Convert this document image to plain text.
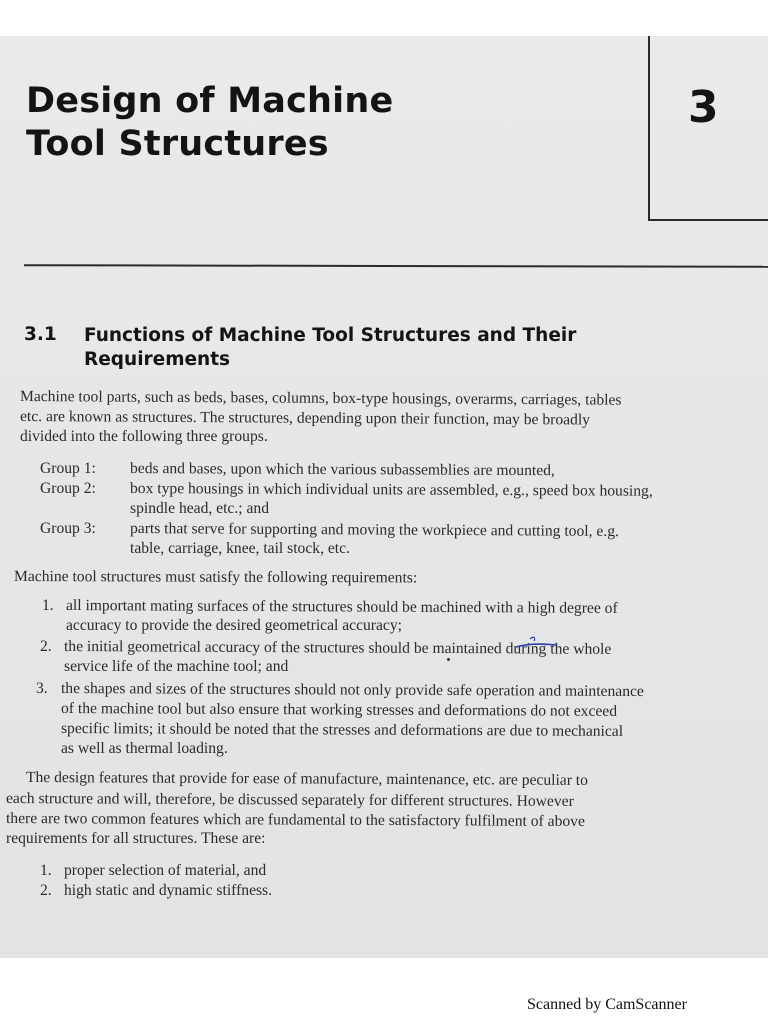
Design of Machine
Tool Structures
3
3.1 Functions of Machine Tool Structures and Their
Requirements
Machine tool parts, such as beds, bases, columns, box-type housings, overarms, carriages, tables
etc. are known as structures. The structures, depending upon their function, may be broadly
divided into the following three groups.
Group 1: beds and bases, upon which the various subassemblies are mounted,
Group 2: box type housings in which individual units are assembled, e.g., speed box housing,
spindle head, etc.; and
Group 3: parts that serve for supporting and moving the workpiece and cutting tool, e.g.
table, carriage, knee, tail stock, etc.
Machine tool structures must satisfy the following requirements:
1. all important mating surfaces of the structures should be machined with a high degree of
accuracy to provide the desired geometrical accuracy;
2. the initial geometrical accuracy of the structures should be maintained during the whole
service life of the machine tool; and
3. the shapes and sizes of the structures should not only provide safe operation and maintenance
of the machine tool but also ensure that working stresses and deformations do not exceed
specific limits; it should be noted that the stresses and deformations are due to mechanical
as well as thermal loading.
The design features that provide for ease of manufacture, maintenance, etc. are peculiar to
each structure and will, therefore, be discussed separately for different structures. However
there are two common features which are fundamental to the satisfactory fulfilment of above
requirements for all structures. These are:
1. proper selection of material, and
2. high static and dynamic stiffness.
Scanned by CamScanner
